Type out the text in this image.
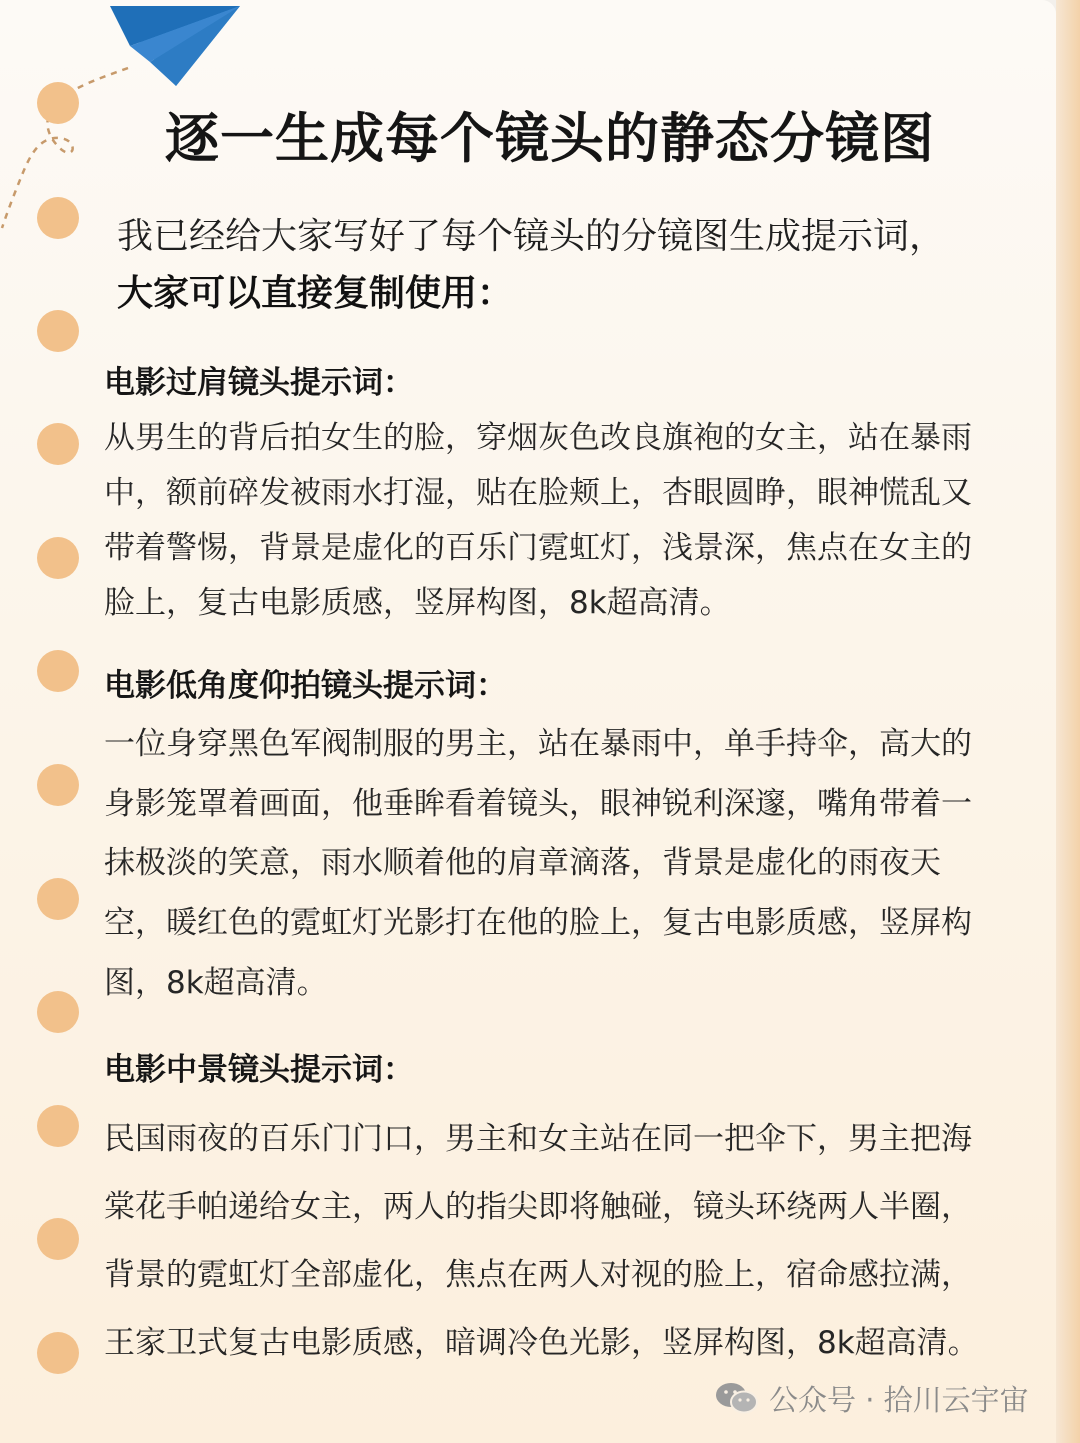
逐一生成每个镜头的静态分镜图
我已经给大家写好了每个镜头的分镜图生成提示词，
大家可以直接复制使用：
电影过肩镜头提示词：
从男生的背后拍女生的脸，穿烟灰色改良旗袍的女主，站在暴雨
中，额前碎发被雨水打湿，贴在脸颊上，杏眼圆睁，眼神慌乱又
带着警惕，背景是虚化的百乐门霓虹灯，浅景深，焦点在女主的
脸上，复古电影质感，竖屏构图，8k超高清。
电影低角度仰拍镜头提示词：
一位身穿黑色军阀制服的男主，站在暴雨中，单手持伞，高大的
身影笼罩着画面，他垂眸看着镜头，眼神锐利深邃，嘴角带着一
抹极淡的笑意，雨水顺着他的肩章滴落，背景是虚化的雨夜天
空，暖红色的霓虹灯光影打在他的脸上，复古电影质感，竖屏构
图，8k超高清。
电影中景镜头提示词：
民国雨夜的百乐门门口，男主和女主站在同一把伞下，男主把海
棠花手帕递给女主，两人的指尖即将触碰，镜头环绕两人半圈，
背景的霓虹灯全部虚化，焦点在两人对视的脸上，宿命感拉满，
王家卫式复古电影质感，暗调冷色光影，竖屏构图，8k超高清。
公众号 · 拾川云宇宙
